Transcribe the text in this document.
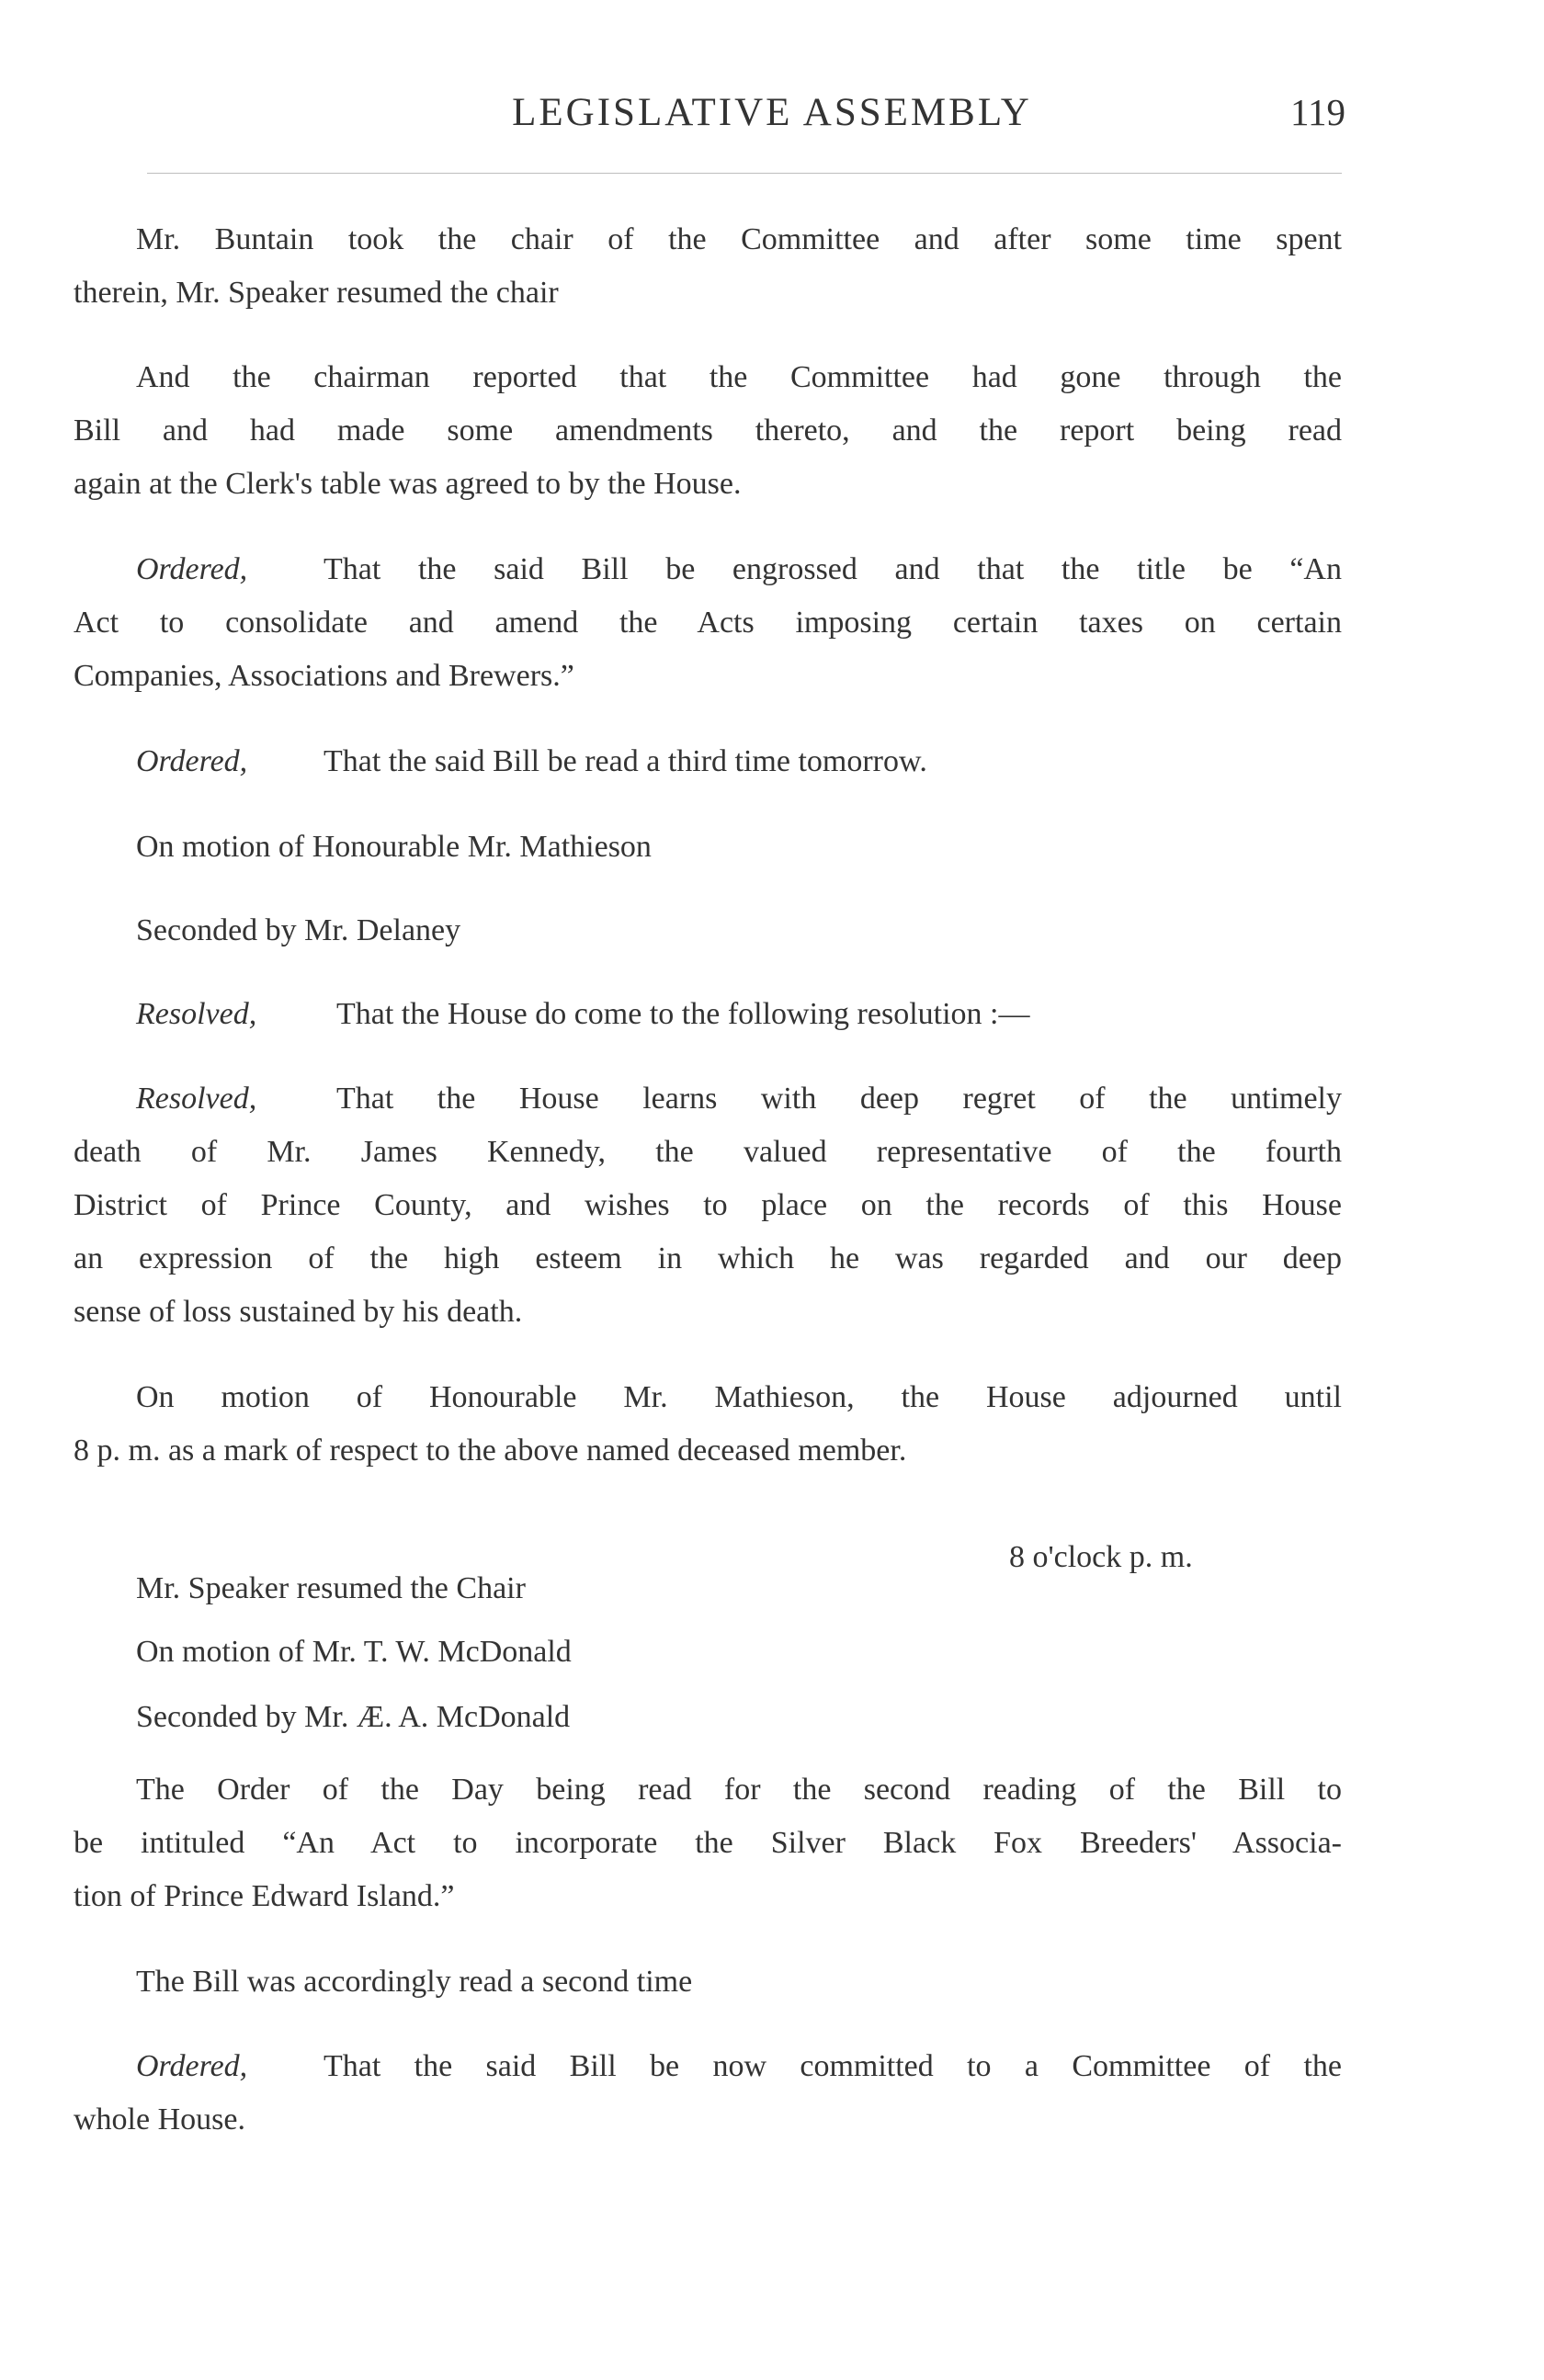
LEGISLATIVE ASSEMBLY	119
Mr. Buntain took the chair of the Committee and after some time spent
therein, Mr. Speaker resumed the chair
And the chairman reported that the Committee had gone through the
Bill and had made some amendments thereto, and the report being read
again at the Clerk's table was agreed to by the House.
Ordered, That the said Bill be engrossed and that the title be “An
Act to consolidate and amend the Acts imposing certain taxes on certain
Companies, Associations and Brewers.”
Ordered, That the said Bill be read a third time tomorrow.
On motion of Honourable Mr. Mathieson
Seconded by Mr. Delaney
Resolved,	That the House do come to the following resolution :—
Resolved,	That the House learns with deep regret of the untimely
death of Mr. James Kennedy, the valued representative of the fourth
District of Prince County, and wishes to place on the records of this House
an expression of the high esteem in which he was regarded and our deep
sense of loss sustained by his death.
On motion of Honourable Mr. Mathieson, the House adjourned until
8 p. m. as a mark of respect to the above named deceased member.
8 o'clock p. m.
Mr. Speaker resumed the Chair
On motion of Mr. T. W. McDonald
Seconded by Mr. Æ. A. McDonald
The Order of the Day being read for the second reading of the Bill to
be intituled “An Act to incorporate the Silver Black Fox Breeders' Associa-
tion of Prince Edward Island.”
The Bill was accordingly read a second time
Ordered, That the said Bill be now committed to a Committee of the
whole House.
